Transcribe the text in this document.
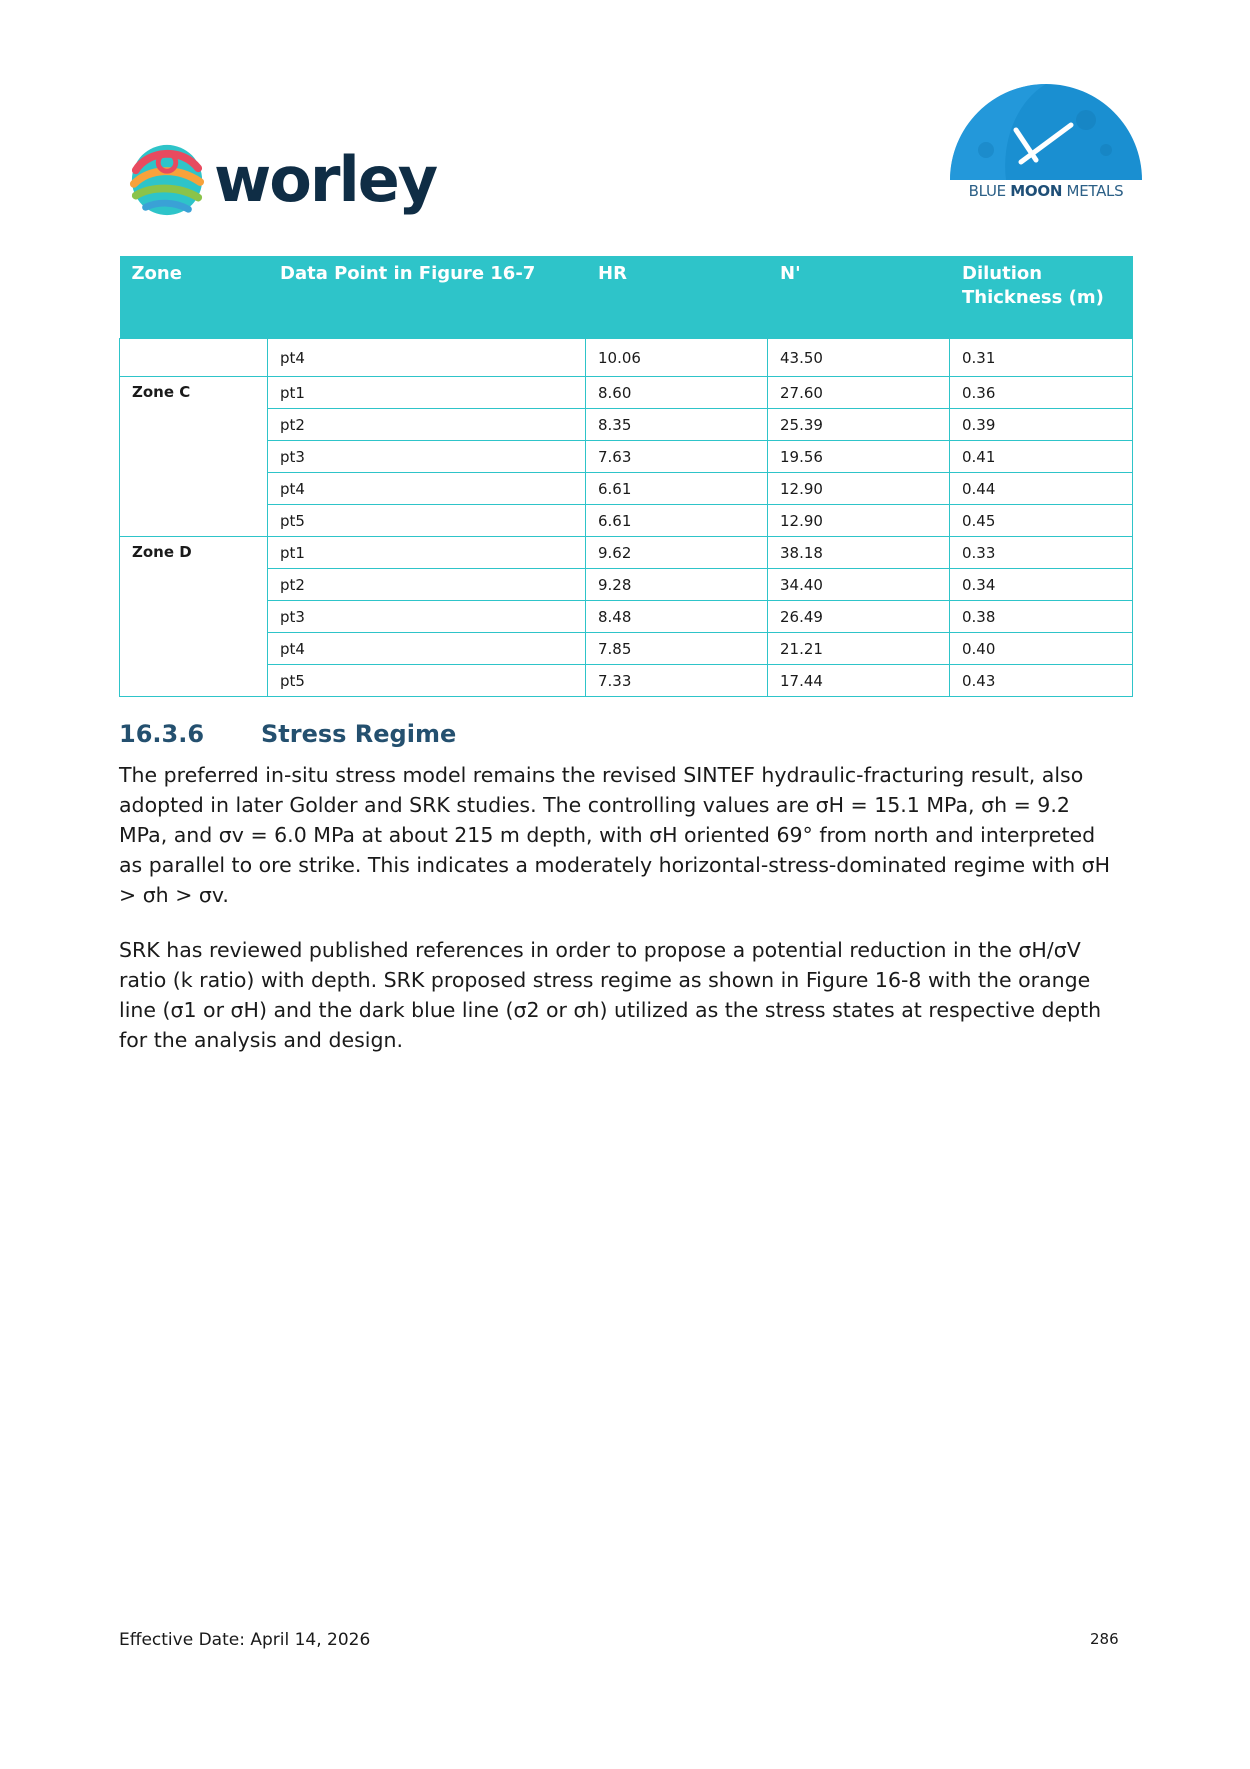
worley	BLUE MOON METALS
Zone	Data Point in Figure 16-7	HR	N'	Dilution Thickness (m)
	pt4	10.06	43.50	0.31
Zone C	pt1	8.60	27.60	0.36
	pt2	8.35	25.39	0.39
	pt3	7.63	19.56	0.41
	pt4	6.61	12.90	0.44
	pt5	6.61	12.90	0.45
Zone D	pt1	9.62	38.18	0.33
	pt2	9.28	34.40	0.34
	pt3	8.48	26.49	0.38
	pt4	7.85	21.21	0.40
	pt5	7.33	17.44	0.43
16.3.6 Stress Regime

The preferred in-situ stress model remains the revised SINTEF hydraulic-fracturing result, also adopted in later Golder and SRK studies. The controlling values are σH = 15.1 MPa, σh = 9.2 MPa, and σv = 6.0 MPa at about 215 m depth, with σH oriented 69° from north and interpreted as parallel to ore strike. This indicates a moderately horizontal-stress-dominated regime with σH > σh > σv.

SRK has reviewed published references in order to propose a potential reduction in the σH/σV ratio (k ratio) with depth. SRK proposed stress regime as shown in Figure 16-8 with the orange line (σ1 or σH) and the dark blue line (σ2 or σh) utilized as the stress states at respective depth for the analysis and design.

Effective Date: April 14, 2026	286
